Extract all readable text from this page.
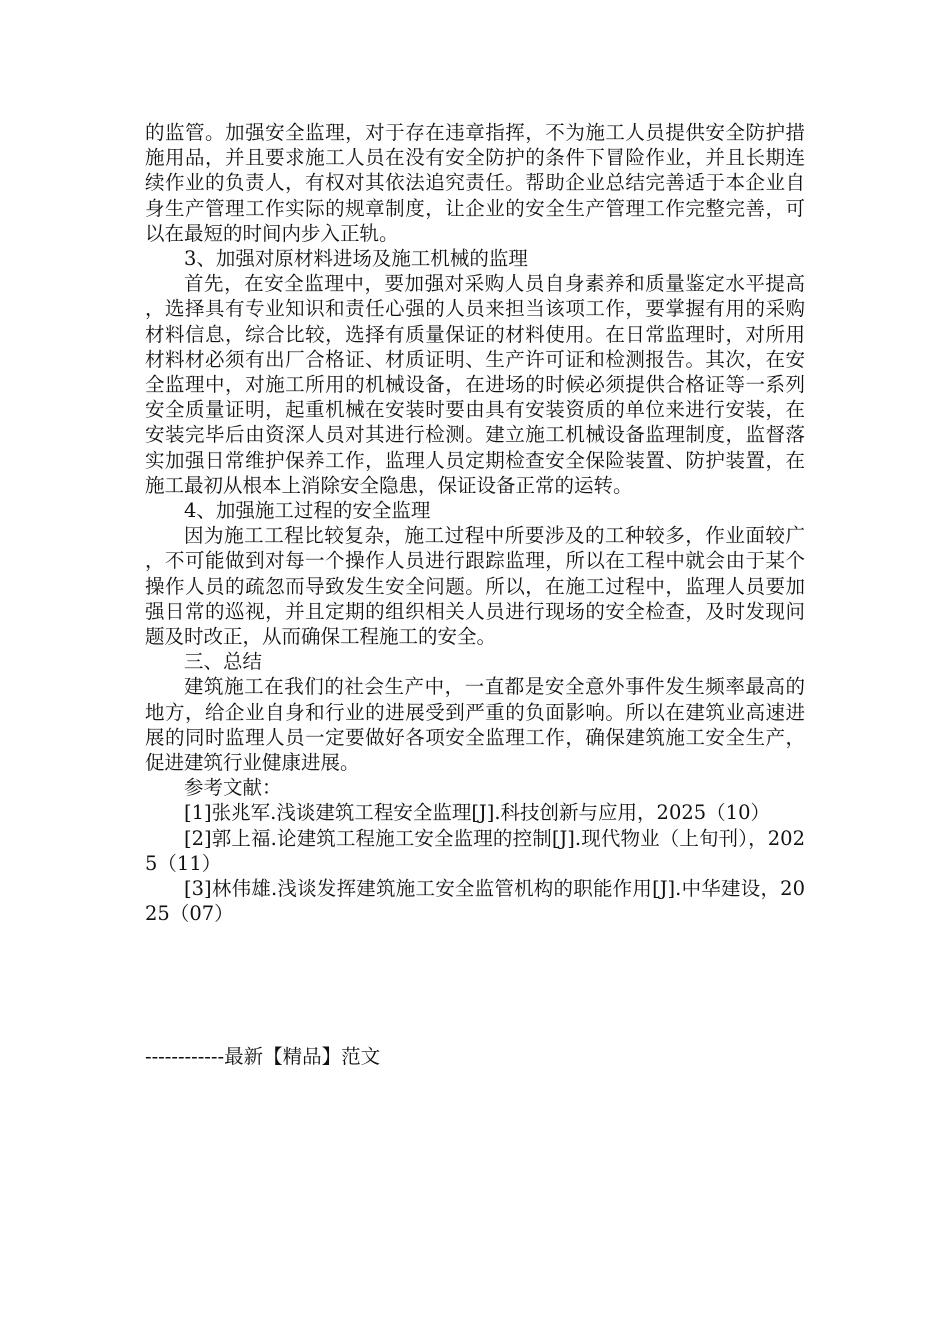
的监管。加强安全监理，对于存在违章指挥，不为施工人员提供安全防护措施用品，并且要求施工人员在没有安全防护的条件下冒险作业，并且长期连续作业的负责人，有权对其依法追究责任。帮助企业总结完善适于本企业自身生产管理工作实际的规章制度，让企业的安全生产管理工作完整完善，可以在最短的时间内步入正轨。

3、加强对原材料进场及施工机械的监理

首先，在安全监理中，要加强对采购人员自身素养和质量鉴定水平提高，选择具有专业知识和责任心强的人员来担当该项工作，要掌握有用的采购材料信息，综合比较，选择有质量保证的材料使用。在日常监理时，对所用材料材必须有出厂合格证、材质证明、生产许可证和检测报告。其次，在安全监理中，对施工所用的机械设备，在进场的时候必须提供合格证等一系列安全质量证明，起重机械在安装时要由具有安装资质的单位来进行安装，在安装完毕后由资深人员对其进行检测。建立施工机械设备监理制度，监督落实加强日常维护保养工作，监理人员定期检查安全保险装置、防护装置，在施工最初从根本上消除安全隐患，保证设备正常的运转。

4、加强施工过程的安全监理

因为施工工程比较复杂，施工过程中所要涉及的工种较多，作业面较广，不可能做到对每一个操作人员进行跟踪监理，所以在工程中就会由于某个操作人员的疏忽而导致发生安全问题。所以，在施工过程中，监理人员要加强日常的巡视，并且定期的组织相关人员进行现场的安全检查，及时发现问题及时改正，从而确保工程施工的安全。

三、总结

建筑施工在我们的社会生产中，一直都是安全意外事件发生频率最高的地方，给企业自身和行业的进展受到严重的负面影响。所以在建筑业高速进展的同时监理人员一定要做好各项安全监理工作，确保建筑施工安全生产，促进建筑行业健康进展。

参考文献：

[1]张兆军.浅谈建筑工程安全监理[J].科技创新与应用，2025（10）

[2]郭上福.论建筑工程施工安全监理的控制[J].现代物业（上旬刊），2025（11）

[3]林伟雄.浅谈发挥建筑施工安全监管机构的职能作用[J].中华建设，2025（07）

------------最新【精品】范文
